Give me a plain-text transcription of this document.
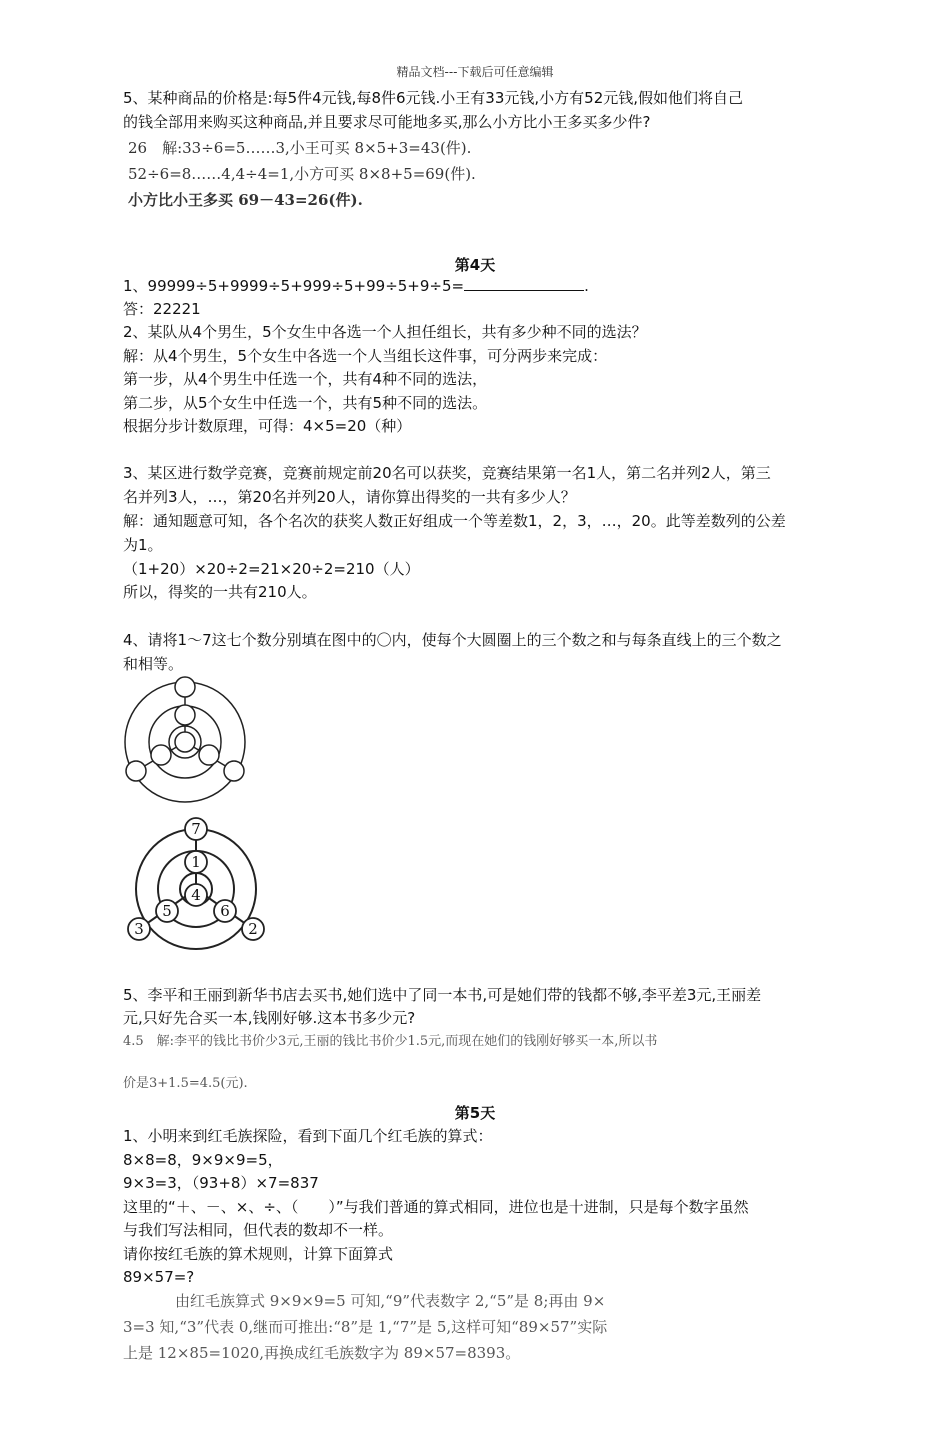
精品文档---下载后可任意编辑
5、某种商品的价格是:每5件4元钱,每8件6元钱.小王有33元钱,小方有52元钱,假如他们将自己
的钱全部用来购买这种商品,并且要求尽可能地多买,那么小方比小王多买多少件?
26　解:33÷6=5……3,小王可买 8×5+3=43(件).
52÷6=8……4,4÷4=1,小方可买 8×8+5=69(件).
小方比小王多买 69－43=26(件).
第4天
1、99999÷5+9999÷5+999÷5+99÷5+9÷5=	.
答：22221
2、某队从4个男生，5个女生中各选一个人担任组长，共有多少种不同的选法？
解：从4个男生，5个女生中各选一个人当组长这件事，可分两步来完成：
第一步，从4个男生中任选一个，共有4种不同的选法，
第二步，从5个女生中任选一个，共有5种不同的选法。
根据分步计数原理，可得：4×5=20（种）
3、某区进行数学竞赛，竞赛前规定前20名可以获奖，竞赛结果第一名1人，第二名并列2人，第三
名并列3人，…，第20名并列20人，请你算出得奖的一共有多少人？
解：通知题意可知，各个名次的获奖人数正好组成一个等差数1，2，3，…，20。此等差数列的公差
为1。
（1+20）×20÷2=21×20÷2=210（人）
所以，得奖的一共有210人。
4、请将1～7这七个数分别填在图中的〇内，使每个大圆圈上的三个数之和与每条直线上的三个数之
和相等。
7
1
4
5	6
3	2
5、李平和王丽到新华书店去买书,她们选中了同一本书,可是她们带的钱都不够,李平差3元,王丽差
元,只好先合买一本,钱刚好够.这本书多少元?
4.5　解:李平的钱比书价少3元,王丽的钱比书价少1.5元,而现在她们的钱刚好够买一本,所以书
价是3+1.5=4.5(元).
第5天
1、小明来到红毛族探险，看到下面几个红毛族的算式：
8×8=8，9×9×9=5，
9×3=3，（93+8）×7=837
这里的“＋、－、×、÷、（　　）”与我们普通的算式相同，进位也是十进制，只是每个数字虽然
与我们写法相同，但代表的数却不一样。
请你按红毛族的算术规则，计算下面算式
89×57=?
由红毛族算式 9×9×9=5 可知,“9”代表数字 2,“5”是 8;再由 9×
3=3 知,“3”代表 0,继而可推出:“8”是 1,“7”是 5,这样可知“89×57”实际
上是 12×85=1020,再换成红毛族数字为 89×57=8393。
